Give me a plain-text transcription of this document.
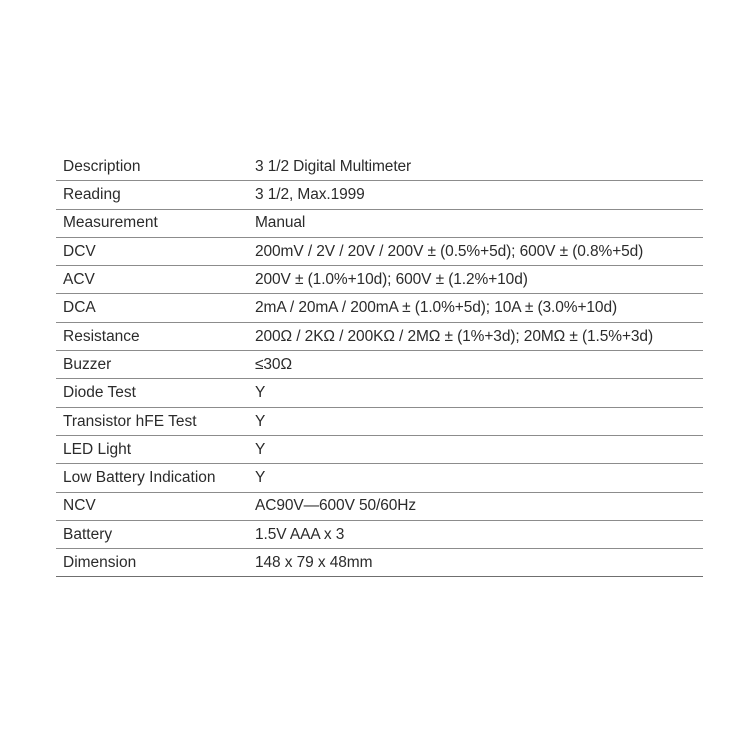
Description	3 1/2 Digital Multimeter
Reading	3 1/2, Max.1999
Measurement	Manual
DCV	200mV / 2V / 20V / 200V ± (0.5%+5d); 600V ± (0.8%+5d)
ACV	200V ± (1.0%+10d); 600V ± (1.2%+10d)
DCA	2mA / 20mA / 200mA ± (1.0%+5d); 10A ± (3.0%+10d)
Resistance	200Ω / 2KΩ / 200KΩ / 2MΩ ± (1%+3d); 20MΩ ± (1.5%+3d)
Buzzer	≤30Ω
Diode Test	Y
Transistor hFE Test	Y
LED Light	Y
Low Battery Indication	Y
NCV	AC90V—600V 50/60Hz
Battery	1.5V AAA x 3
Dimension	148 x 79 x 48mm
